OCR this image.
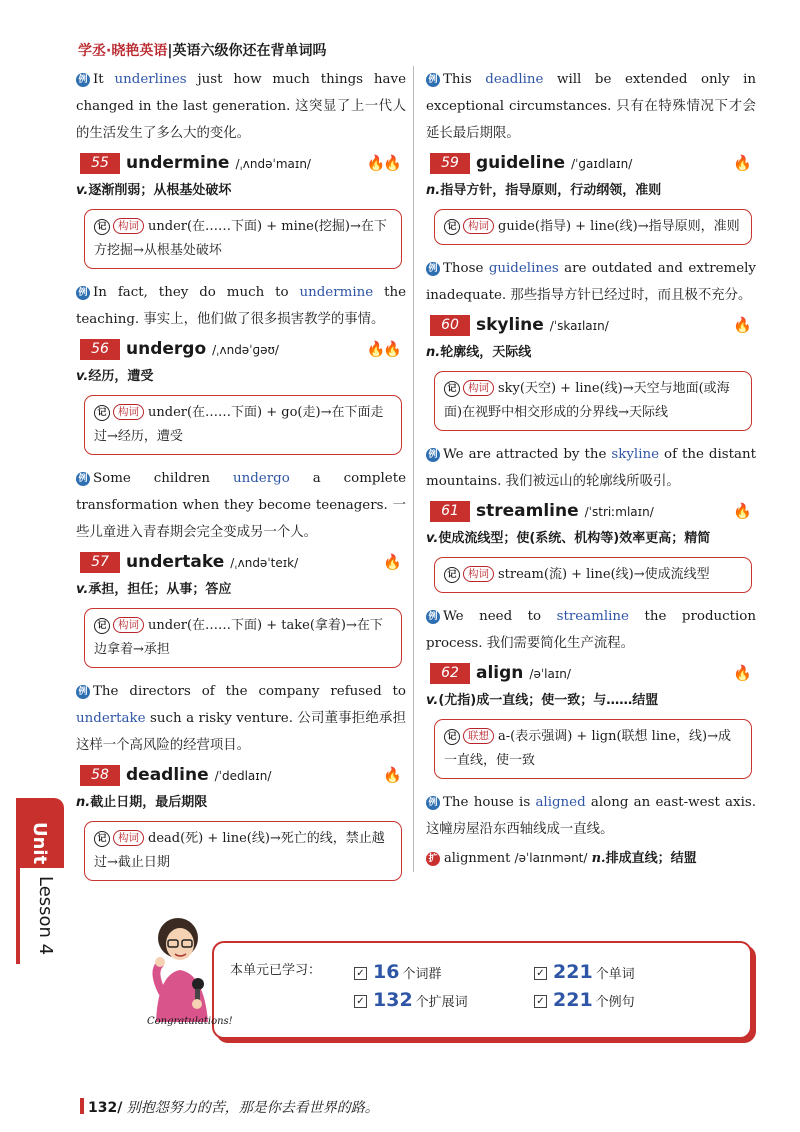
学丞·晓艳英语|英语六级你还在背单词吗

例 It underlines just how much things have changed in the last generation. 这突显了上一代人的生活发生了多么大的变化。

55	undermine /ˌʌndəˈmaɪn/	🔥🔥

v.逐渐削弱；从根基处破坏

记 构词 under(在……下面) + mine(挖掘)→在下方挖掘→从根基处破坏

例 In fact, they do much to undermine the teaching. 事实上，他们做了很多损害教学的事情。

56	undergo /ˌʌndəˈɡəʊ/	🔥🔥

v.经历，遭受

记 构词 under(在……下面) + go(走)→在下面走过→经历，遭受

例 Some children undergo a complete transformation when they become teenagers. 一些儿童进入青春期会完全变成另一个人。

57	undertake /ˌʌndəˈteɪk/	🔥

v.承担，担任；从事；答应

记 构词 under(在……下面) + take(拿着)→在下边拿着→承担

例 The directors of the company refused to undertake such a risky venture. 公司董事拒绝承担这样一个高风险的经营项目。

58	deadline /ˈdedlaɪn/	🔥

n.截止日期，最后期限

记 构词 dead(死) + line(线)→死亡的线，禁止越过→截止日期

例 This deadline will be extended only in exceptional circumstances. 只有在特殊情况下才会延长最后期限。

59	guideline /ˈɡaɪdlaɪn/	🔥

n.指导方针，指导原则，行动纲领，准则

记 构词 guide(指导) + line(线)→指导原则，准则

例 Those guidelines are outdated and extremely inadequate. 那些指导方针已经过时，而且极不充分。

60	skyline /ˈskaɪlaɪn/	🔥

n.轮廓线，天际线

记 构词 sky(天空) + line(线)→天空与地面(或海面)在视野中相交形成的分界线→天际线

例 We are attracted by the skyline of the distant mountains. 我们被远山的轮廓线所吸引。

61	streamline /ˈstriːmlaɪn/	🔥

v.使成流线型；使(系统、机构等)效率更高；精简

记 构词 stream(流) + line(线)→使成流线型

例 We need to streamline the production process. 我们需要简化生产流程。

62	align /əˈlaɪn/	🔥

v.(尤指)成一直线；使一致；与……结盟

记 联想 a-(表示强调) + lign(联想 line，线)→成一直线，使一致

例 The house is aligned along an east-west axis. 这幢房屋沿东西轴线成一直线。

扩 alignment /əˈlaɪnmənt/ n.排成直线；结盟
Unit 5
Lesson 4
本单元已学习：	✓ 16 个词群	✓ 221 个单词
✓ 132 个扩展词	✓ 221 个例句
Congratulations!
132/ 别抱怨努力的苦，那是你去看世界的路。
